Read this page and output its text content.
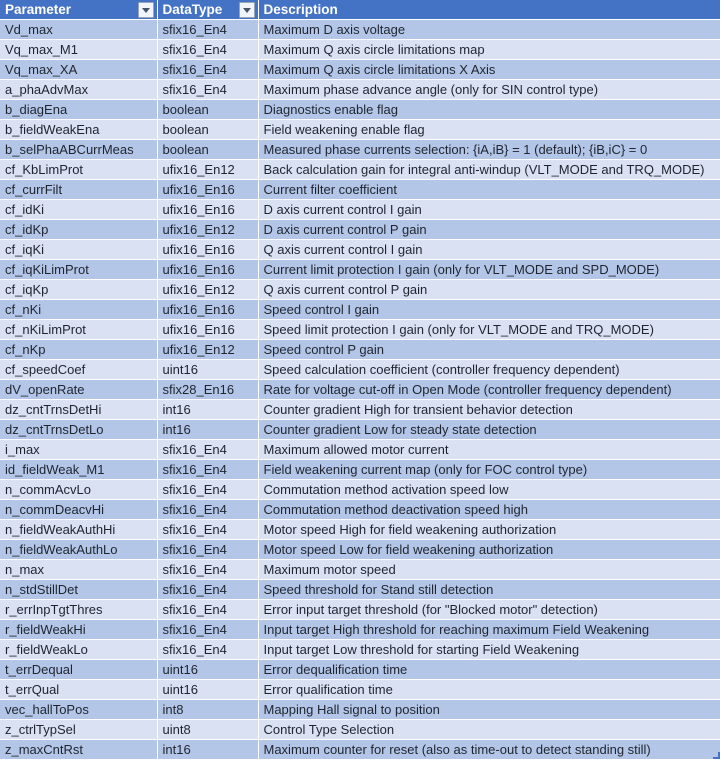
Parameter	DataType	Description
Vd_max	sfix16_En4	Maximum D axis voltage
Vq_max_M1	sfix16_En4	Maximum Q axis circle limitations map
Vq_max_XA	sfix16_En4	Maximum Q axis circle limitations X Axis
a_phaAdvMax	sfix16_En4	Maximum phase advance angle (only for SIN control type)
b_diagEna	boolean	Diagnostics enable flag
b_fieldWeakEna	boolean	Field weakening enable flag
b_selPhaABCurrMeas	boolean	Measured phase currents selection: {iA,iB} = 1 (default); {iB,iC} = 0
cf_KbLimProt	ufix16_En12	Back calculation gain for integral anti-windup (VLT_MODE and TRQ_MODE)
cf_currFilt	ufix16_En16	Current filter coefficient
cf_idKi	ufix16_En16	D axis current control I gain
cf_idKp	ufix16_En12	D axis current control P gain
cf_iqKi	ufix16_En16	Q axis current control I gain
cf_iqKiLimProt	ufix16_En16	Current limit protection I gain (only for VLT_MODE and SPD_MODE)
cf_iqKp	ufix16_En12	Q axis current control P gain
cf_nKi	ufix16_En16	Speed control I gain
cf_nKiLimProt	ufix16_En16	Speed limit protection I gain (only for VLT_MODE and TRQ_MODE)
cf_nKp	ufix16_En12	Speed control P gain
cf_speedCoef	uint16	Speed calculation coefficient (controller frequency dependent)
dV_openRate	sfix28_En16	Rate for voltage cut-off in Open Mode (controller frequency dependent)
dz_cntTrnsDetHi	int16	Counter gradient High for transient behavior detection
dz_cntTrnsDetLo	int16	Counter gradient Low for steady state detection
i_max	sfix16_En4	Maximum allowed motor current
id_fieldWeak_M1	sfix16_En4	Field weakening current map (only for FOC control type)
n_commAcvLo	sfix16_En4	Commutation method activation speed low
n_commDeacvHi	sfix16_En4	Commutation method deactivation speed high
n_fieldWeakAuthHi	sfix16_En4	Motor speed High for field weakening authorization
n_fieldWeakAuthLo	sfix16_En4	Motor speed Low for field weakening authorization
n_max	sfix16_En4	Maximum motor speed
n_stdStillDet	sfix16_En4	Speed threshold for Stand still detection
r_errInpTgtThres	sfix16_En4	Error input target threshold (for "Blocked motor" detection)
r_fieldWeakHi	sfix16_En4	Input target High threshold for reaching maximum Field Weakening
r_fieldWeakLo	sfix16_En4	Input target Low threshold for starting Field Weakening
t_errDequal	uint16	Error dequalification time
t_errQual	uint16	Error qualification time
vec_hallToPos	int8	Mapping Hall signal to position
z_ctrlTypSel	uint8	Control Type Selection
z_maxCntRst	int16	Maximum counter for reset (also as time-out to detect standing still)
